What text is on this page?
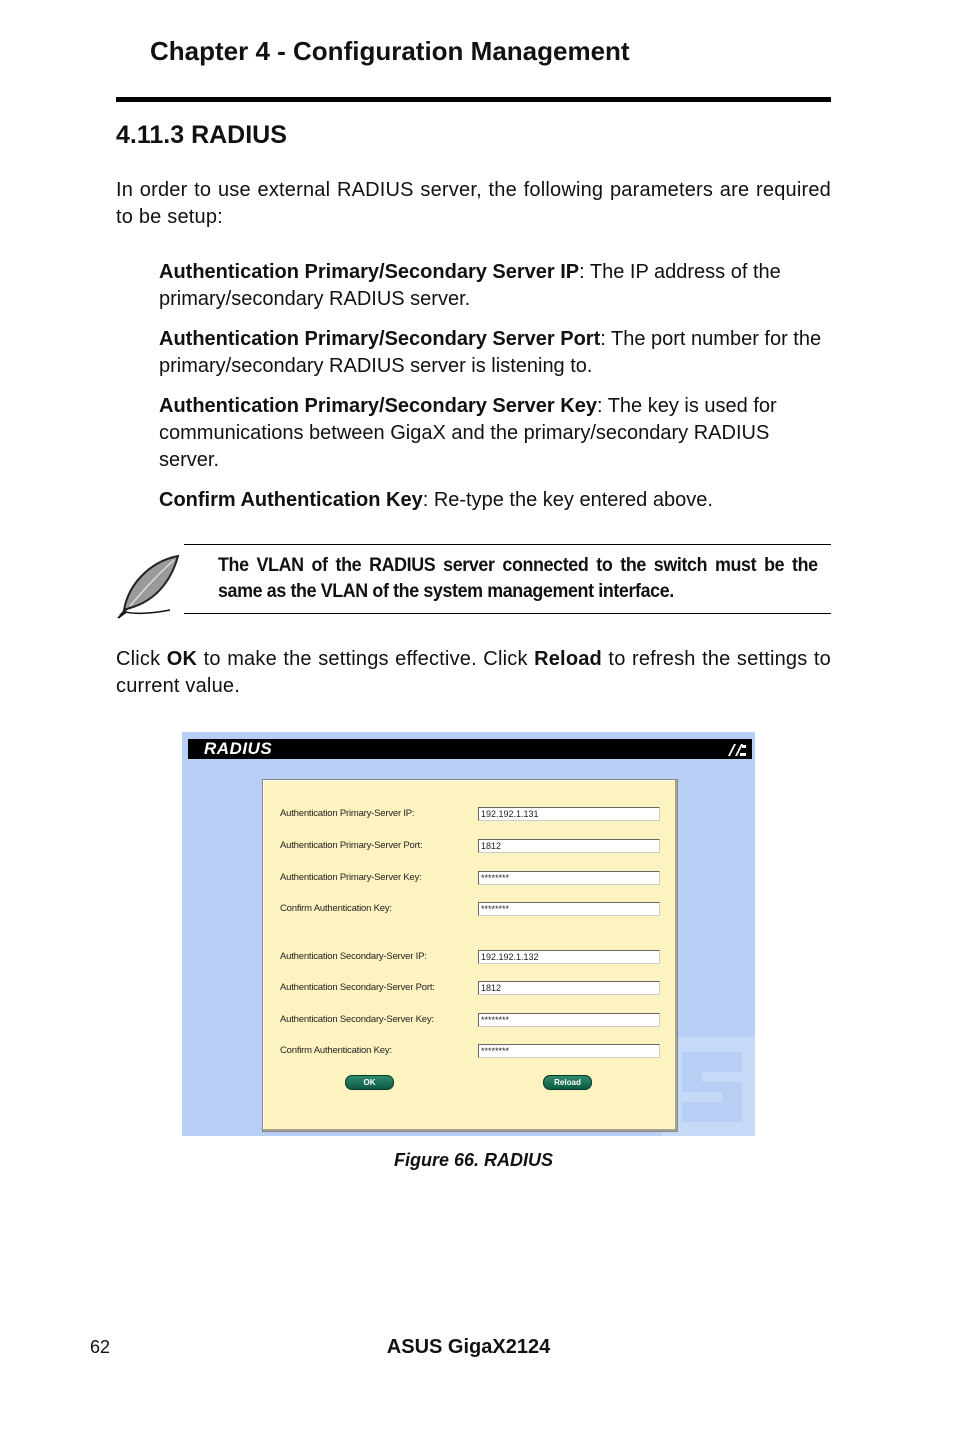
Chapter 4 - Configuration Management
4.11.3 RADIUS
In order to use external RADIUS server, the following parameters are required to be setup:
Authentication Primary/Secondary Server IP: The IP address of the primary/secondary RADIUS server.
Authentication Primary/Secondary Server Port: The port number for the primary/secondary RADIUS server is listening to.
Authentication Primary/Secondary Server Key: The key is used for communications between GigaX and the primary/secondary RADIUS server.
Confirm Authentication Key: Re-type the key entered above.
The VLAN of the RADIUS server connected to the switch must be the same as the VLAN of the system management interface.
Click OK to make the settings effective. Click Reload to refresh the settings to current value.
RADIUS
Authentication Primary-Server IP:	192.192.1.131
Authentication Primary-Server Port:	1812
Authentication Primary-Server Key:	********
Confirm Authentication Key:	********
Authentication Secondary-Server IP:	192.192.1.132
Authentication Secondary-Server Port:	1812
Authentication Secondary-Server Key:	********
Confirm Authentication Key:	********
OK	Reload
Figure 66. RADIUS
62	ASUS GigaX2124
